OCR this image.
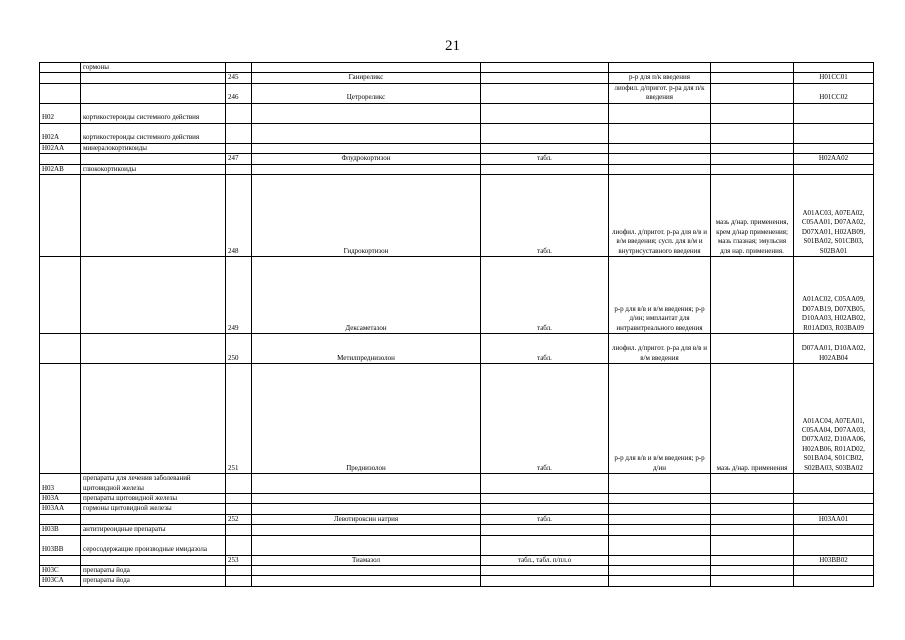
21
	гормоны						
		245	Ганиреликс		р-р для п/к введения		H01CC01
		246	Цетрореликс		лиофил. д/пригот. р-ра для п/к введения		H01CC02
H02	кортикостероиды системного действия						
H02A	кортикостероиды системного действия						
H02AA	минералокортикоиды						
		247	Флудрокортизон	табл.			H02AA02
H02AB	глюкокортикоиды						
		248	Гидрокортизон	табл.	лиофил. д/пригот. р-ра для в/в и в/м введения; сусп. для в/м и внутрисуставного введения	мазь д/нар. применения, крем д/нар применения; мазь глазная; эмульсия для нар. применения.	A01AC03, A07EA02, C05AA01, D07AA02, D07XA01, H02AB09, S01BA02, S01CB03, S02BA01
		249	Дексаметазон	табл.	р-р для в/в и в/м введения; р-р д/ин; имплантат для интравитреального введения		A01AC02, C05AA09, D07AB19, D07XB05, D10AA03, H02AB02, R01AD03, R03BA09
		250	Метилпреднизолон	табл.	лиофил. д/пригот. р-ра для в/в и в/м введения		D07AA01, D10AA02, H02AB04
		251	Преднизолон	табл.	р-р для в/в и в/м введения; р-р д/ин	мазь д/нар. применения	A01AC04, A07EA01, C05AA04, D07AA03, D07XA02, D10AA06, H02AB06, R01AD02, S01BA04, S01CB02, S02BA03, S03BA02
H03	препараты для лечения заболеваний щитовидной железы						
H03A	препараты щитовидной железы						
H03AA	гормоны щитовидной железы						
		252	Левотироксин натрия	табл.			H03AA01
H03B	антитиреоидные препараты						
H03BB	серосодержащие производные имидазола						
		253	Тиамазол	табл., табл. п/пл.о			H03BB02
H03C	препараты йода						
H03CA	препараты йода						
